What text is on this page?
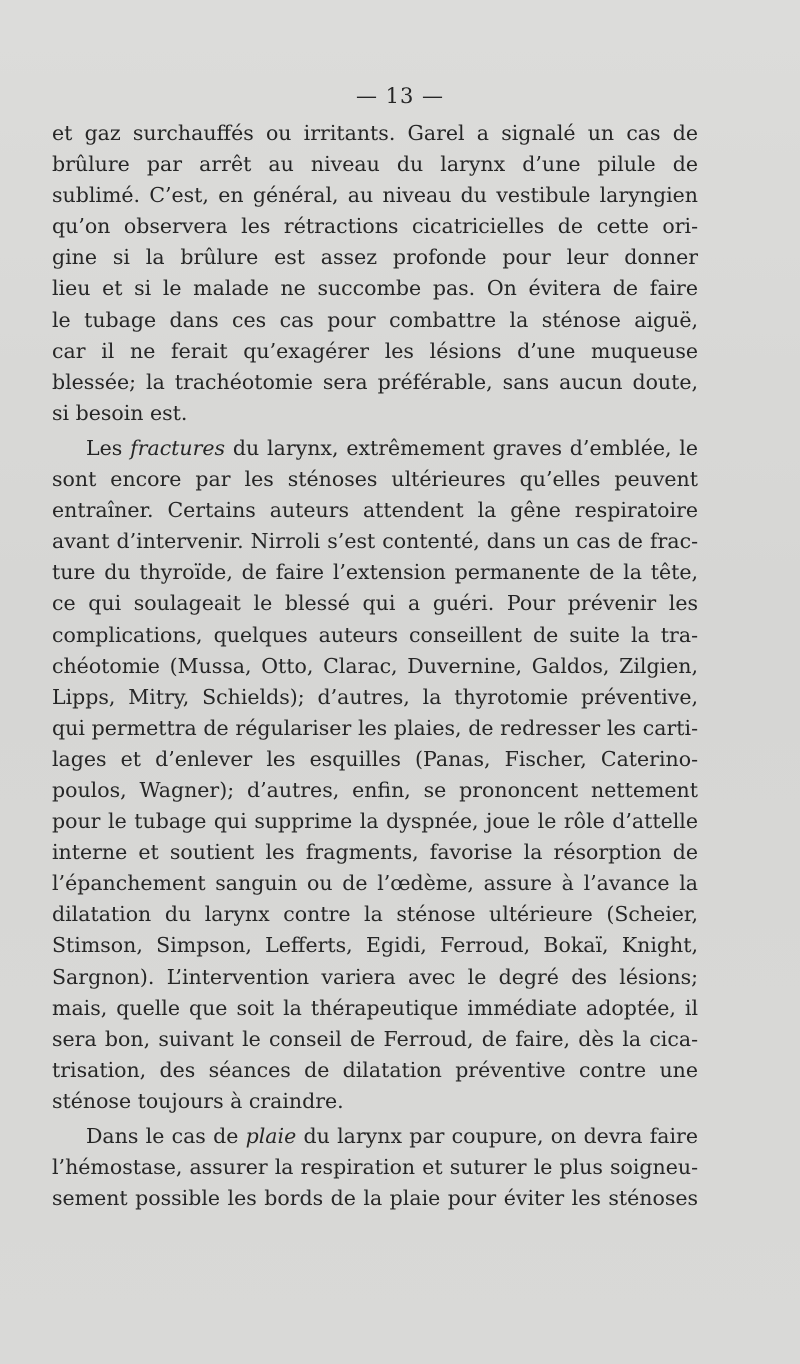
— 13 —
et gaz surchauffés ou irritants. Garel a signalé un cas de
brûlure par arrêt au niveau du larynx d’une pilule de
sublimé. C’est, en général, au niveau du vestibule laryngien
qu’on observera les rétractions cicatricielles de cette ori-
gine si la brûlure est assez profonde pour leur donner
lieu et si le malade ne succombe pas. On évitera de faire
le tubage dans ces cas pour combattre la sténose aiguë,
car il ne ferait qu’exagérer les lésions d’une muqueuse
blessée; la trachéotomie sera préférable, sans aucun doute,
si besoin est.
Les fractures du larynx, extrêmement graves d’emblée, le
sont encore par les sténoses ultérieures qu’elles peuvent
entraîner. Certains auteurs attendent la gêne respiratoire
avant d’intervenir. Nirroli s’est contenté, dans un cas de frac-
ture du thyroïde, de faire l’extension permanente de la tête,
ce qui soulageait le blessé qui a guéri. Pour prévenir les
complications, quelques auteurs conseillent de suite la tra-
chéotomie (Mussa, Otto, Clarac, Duvernine, Galdos, Zilgien,
Lipps, Mitry, Schields); d’autres, la thyrotomie préventive,
qui permettra de régulariser les plaies, de redresser les carti-
lages et d’enlever les esquilles (Panas, Fischer, Caterino-
poulos, Wagner); d’autres, enfin, se prononcent nettement
pour le tubage qui supprime la dyspnée, joue le rôle d’attelle
interne et soutient les fragments, favorise la résorption de
l’épanchement sanguin ou de l’œdème, assure à l’avance la
dilatation du larynx contre la sténose ultérieure (Scheier,
Stimson, Simpson, Lefferts, Egidi, Ferroud, Bokaï, Knight,
Sargnon). L’intervention variera avec le degré des lésions;
mais, quelle que soit la thérapeutique immédiate adoptée, il
sera bon, suivant le conseil de Ferroud, de faire, dès la cica-
trisation, des séances de dilatation préventive contre une
sténose toujours à craindre.
Dans le cas de plaie du larynx par coupure, on devra faire
l’hémostase, assurer la respiration et suturer le plus soigneu-
sement possible les bords de la plaie pour éviter les sténoses
